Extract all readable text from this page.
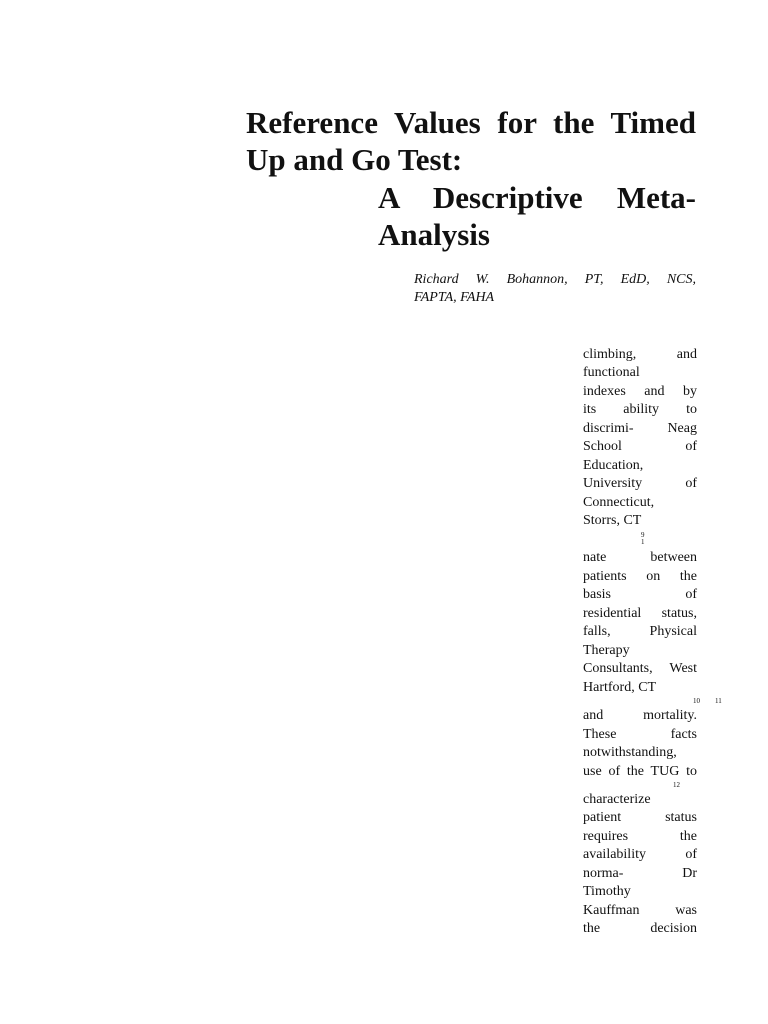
Reference Values for the Timed
Up and Go Test:
A Descriptive Meta-
Analysis
Richard W. Bohannon, PT, EdD, NCS,
FAPTA, FAHA
climbing, and
functional
indexes and by
its ability to
discrimi- Neag
School of
Education,
University of
Connecticut,
Storrs, CT
9
1
nate between
patients on the
basis of
residential status,
falls, Physical
Therapy
Consultants, West
Hartford, CT
10 11
and mortality.
These facts
notwithstanding,
use of the TUG to
12
characterize
patient status
requires the
availability of
norma- Dr
Timothy
Kauffman was
the decision
